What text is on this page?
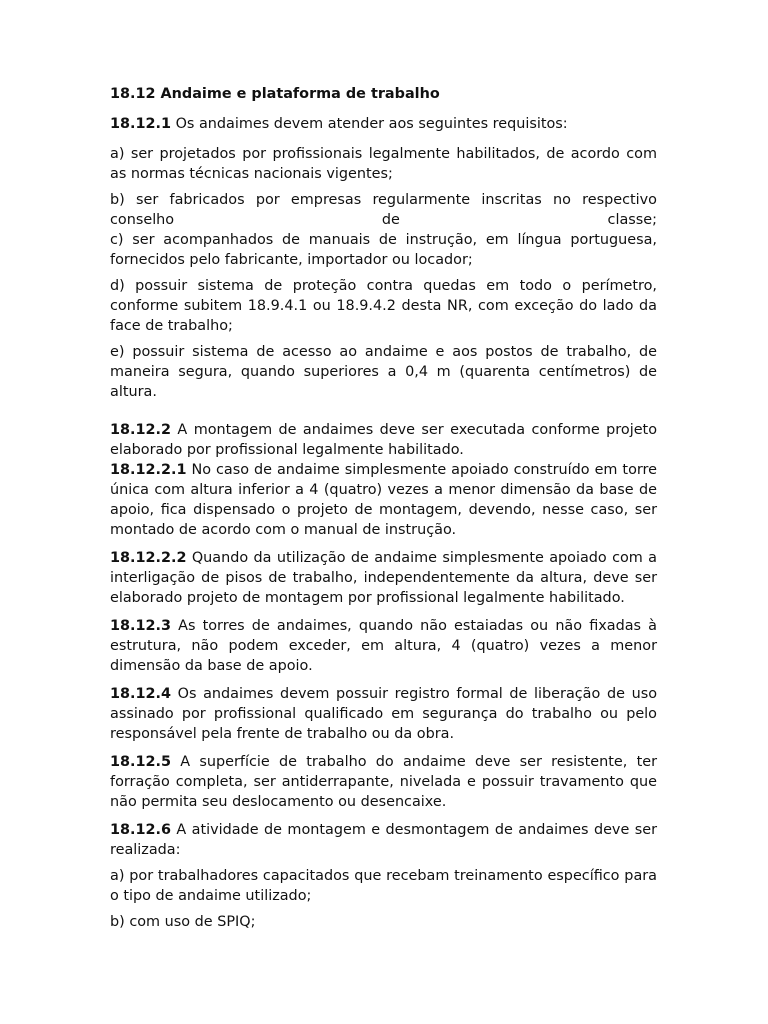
18.12 Andaime e plataforma de trabalho

18.12.1 Os andaimes devem atender aos seguintes requisitos:

a) ser projetados por profissionais legalmente habilitados, de acordo com as normas técnicas nacionais vigentes;

b) ser fabricados por empresas regularmente inscritas no respectivo conselho de classe;

c) ser acompanhados de manuais de instrução, em língua portuguesa, fornecidos pelo fabricante, importador ou locador;

d) possuir sistema de proteção contra quedas em todo o perímetro, conforme subitem 18.9.4.1 ou 18.9.4.2 desta NR, com exceção do lado da face de trabalho;

e) possuir sistema de acesso ao andaime e aos postos de trabalho, de maneira segura, quando superiores a 0,4 m (quarenta centímetros) de altura.

18.12.2 A montagem de andaimes deve ser executada conforme projeto elaborado por profissional legalmente habilitado.

18.12.2.1 No caso de andaime simplesmente apoiado construído em torre única com altura inferior a 4 (quatro) vezes a menor dimensão da base de apoio, fica dispensado o projeto de montagem, devendo, nesse caso, ser montado de acordo com o manual de instrução.

18.12.2.2 Quando da utilização de andaime simplesmente apoiado com a interligação de pisos de trabalho, independentemente da altura, deve ser elaborado projeto de montagem por profissional legalmente habilitado.

18.12.3 As torres de andaimes, quando não estaiadas ou não fixadas à estrutura, não podem exceder, em altura, 4 (quatro) vezes a menor dimensão da base de apoio.

18.12.4 Os andaimes devem possuir registro formal de liberação de uso assinado por profissional qualificado em segurança do trabalho ou pelo responsável pela frente de trabalho ou da obra.

18.12.5 A superfície de trabalho do andaime deve ser resistente, ter forração completa, ser antiderrapante, nivelada e possuir travamento que não permita seu deslocamento ou desencaixe.

18.12.6 A atividade de montagem e desmontagem de andaimes deve ser realizada:

a) por trabalhadores capacitados que recebam treinamento específico para o tipo de andaime utilizado;

b) com uso de SPIQ;
